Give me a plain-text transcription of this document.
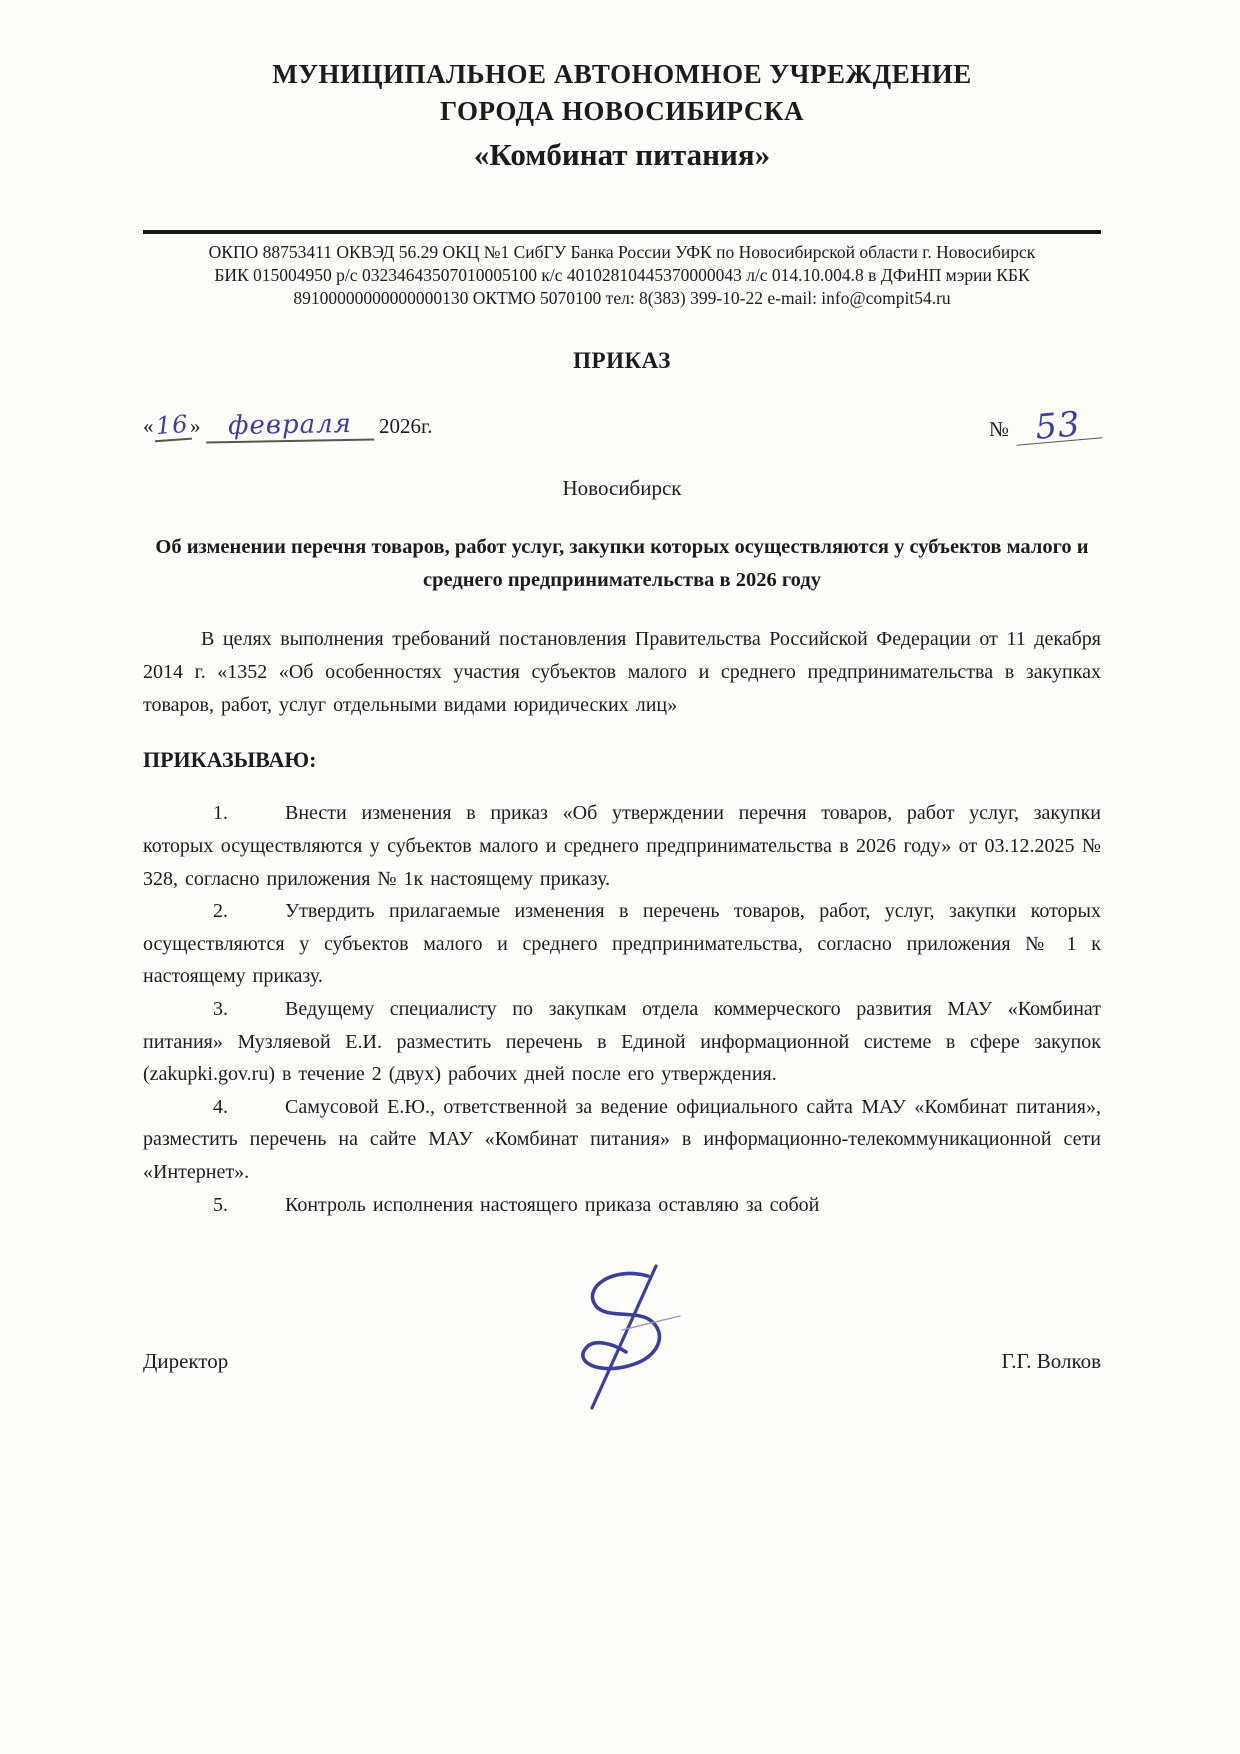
МУНИЦИПАЛЬНОЕ АВТОНОМНОЕ УЧРЕЖДЕНИЕ
ГОРОДА НОВОСИБИРСКА
«Комбинат питания»
ОКПО 88753411 ОКВЭД 56.29 ОКЦ №1 СибГУ Банка России УФК по Новосибирской области г. Новосибирск
БИК 015004950 р/с 03234643507010005100 к/с 40102810445370000043 л/с 014.10.004.8 в ДФиНП мэрии КБК
89100000000000000130 ОКТМО 5070100 тел: 8(383) 399-10-22 e-mail: info@compit54.ru
ПРИКАЗ
«16» февраля 2026г.	№ 53
Новосибирск
Об изменении перечня товаров, работ услуг, закупки которых осуществляются у субъектов малого и среднего предпринимательства в 2026 году
В целях выполнения требований постановления Правительства Российской Федерации от 11 декабря 2014 г. «1352 «Об особенностях участия субъектов малого и среднего предпринимательства в закупках товаров, работ, услуг отдельными видами юридических лиц»
ПРИКАЗЫВАЮ:
1.	Внести изменения в приказ «Об утверждении перечня товаров, работ услуг, закупки которых осуществляются у субъектов малого и среднего предпринимательства в 2026 году» от 03.12.2025 № 328, согласно приложения № 1к настоящему приказу.
2.	Утвердить прилагаемые изменения в перечень товаров, работ, услуг, закупки которых осуществляются у субъектов малого и среднего предпринимательства, согласно приложения № 1 к настоящему приказу.
3.	Ведущему специалисту по закупкам отдела коммерческого развития МАУ «Комбинат питания» Музляевой Е.И. разместить перечень в Единой информационной системе в сфере закупок (zakupki.gov.ru) в течение 2 (двух) рабочих дней после его утверждения.
4.	Самусовой Е.Ю., ответственной за ведение официального сайта МАУ «Комбинат питания», разместить перечень на сайте МАУ «Комбинат питания» в информационно-телекоммуникационной сети «Интернет».
5.	Контроль исполнения настоящего приказа оставляю за собой
Директор	Г.Г. Волков
